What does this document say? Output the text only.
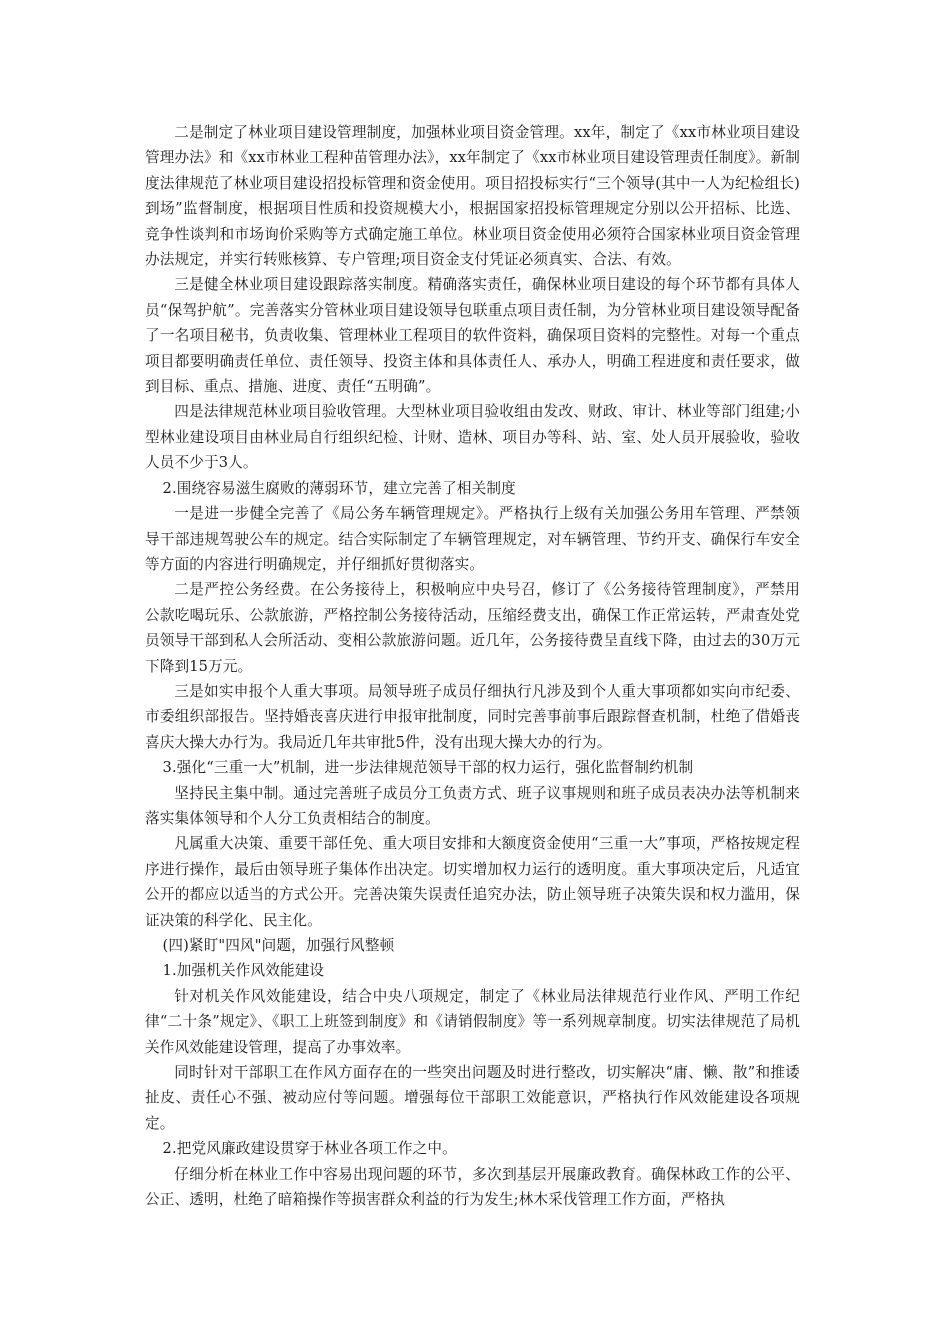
二是制定了林业项目建设管理制度，加强林业项目资金管理。xx年，制定了《xx市林业项目建设管理办法》和《xx市林业工程种苗管理办法》，xx年制定了《xx市林业项目建设管理责任制度》。新制度法律规范了林业项目建设招投标管理和资金使用。项目招投标实行“三个领导(其中一人为纪检组长)到场”监督制度，根据项目性质和投资规模大小，根据国家招投标管理规定分别以公开招标、比选、竞争性谈判和市场询价采购等方式确定施工单位。林业项目资金使用必须符合国家林业项目资金管理办法规定，并实行转账核算、专户管理;项目资金支付凭证必须真实、合法、有效。

三是健全林业项目建设跟踪落实制度。精确落实责任，确保林业项目建设的每个环节都有具体人员“保驾护航”。完善落实分管林业项目建设领导包联重点项目责任制，为分管林业项目建设领导配备了一名项目秘书，负责收集、管理林业工程项目的软件资料，确保项目资料的完整性。对每一个重点项目都要明确责任单位、责任领导、投资主体和具体责任人、承办人，明确工程进度和责任要求，做到目标、重点、措施、进度、责任“五明确”。

四是法律规范林业项目验收管理。大型林业项目验收组由发改、财政、审计、林业等部门组建;小型林业建设项目由林业局自行组织纪检、计财、造林、项目办等科、站、室、处人员开展验收，验收人员不少于3人。

2.围绕容易滋生腐败的薄弱环节，建立完善了相关制度

一是进一步健全完善了《局公务车辆管理规定》。严格执行上级有关加强公务用车管理、严禁领导干部违规驾驶公车的规定。结合实际制定了车辆管理规定，对车辆管理、节约开支、确保行车安全等方面的内容进行明确规定，并仔细抓好贯彻落实。

二是严控公务经费。在公务接待上，积极响应中央号召，修订了《公务接待管理制度》，严禁用公款吃喝玩乐、公款旅游，严格控制公务接待活动，压缩经费支出，确保工作正常运转，严肃查处党员领导干部到私人会所活动、变相公款旅游问题。近几年，公务接待费呈直线下降，由过去的30万元下降到15万元。

三是如实申报个人重大事项。局领导班子成员仔细执行凡涉及到个人重大事项都如实向市纪委、市委组织部报告。坚持婚丧喜庆进行申报审批制度，同时完善事前事后跟踪督查机制，杜绝了借婚丧喜庆大操大办行为。我局近几年共审批5件，没有出现大操大办的行为。

3.强化“三重一大”机制，进一步法律规范领导干部的权力运行，强化监督制约机制

坚持民主集中制。通过完善班子成员分工负责方式、班子议事规则和班子成员表决办法等机制来落实集体领导和个人分工负责相结合的制度。

凡属重大决策、重要干部任免、重大项目安排和大额度资金使用“三重一大”事项，严格按规定程序进行操作，最后由领导班子集体作出决定。切实增加权力运行的透明度。重大事项决定后，凡适宜公开的都应以适当的方式公开。完善决策失误责任追究办法，防止领导班子决策失误和权力滥用，保证决策的科学化、民主化。

(四)紧盯"四风"问题，加强行风整顿

1.加强机关作风效能建设

针对机关作风效能建设，结合中央八项规定，制定了《林业局法律规范行业作风、严明工作纪律“二十条”规定》、《职工上班签到制度》和《请销假制度》等一系列规章制度。切实法律规范了局机关作风效能建设管理，提高了办事效率。

同时针对干部职工在作风方面存在的一些突出问题及时进行整改，切实解决“庸、懒、散”和推诿扯皮、责任心不强、被动应付等问题。增强每位干部职工效能意识，严格执行作风效能建设各项规定。

2.把党风廉政建设贯穿于林业各项工作之中。

仔细分析在林业工作中容易出现问题的环节，多次到基层开展廉政教育。确保林政工作的公平、公正、透明，杜绝了暗箱操作等损害群众利益的行为发生;林木采伐管理工作方面，严格执
